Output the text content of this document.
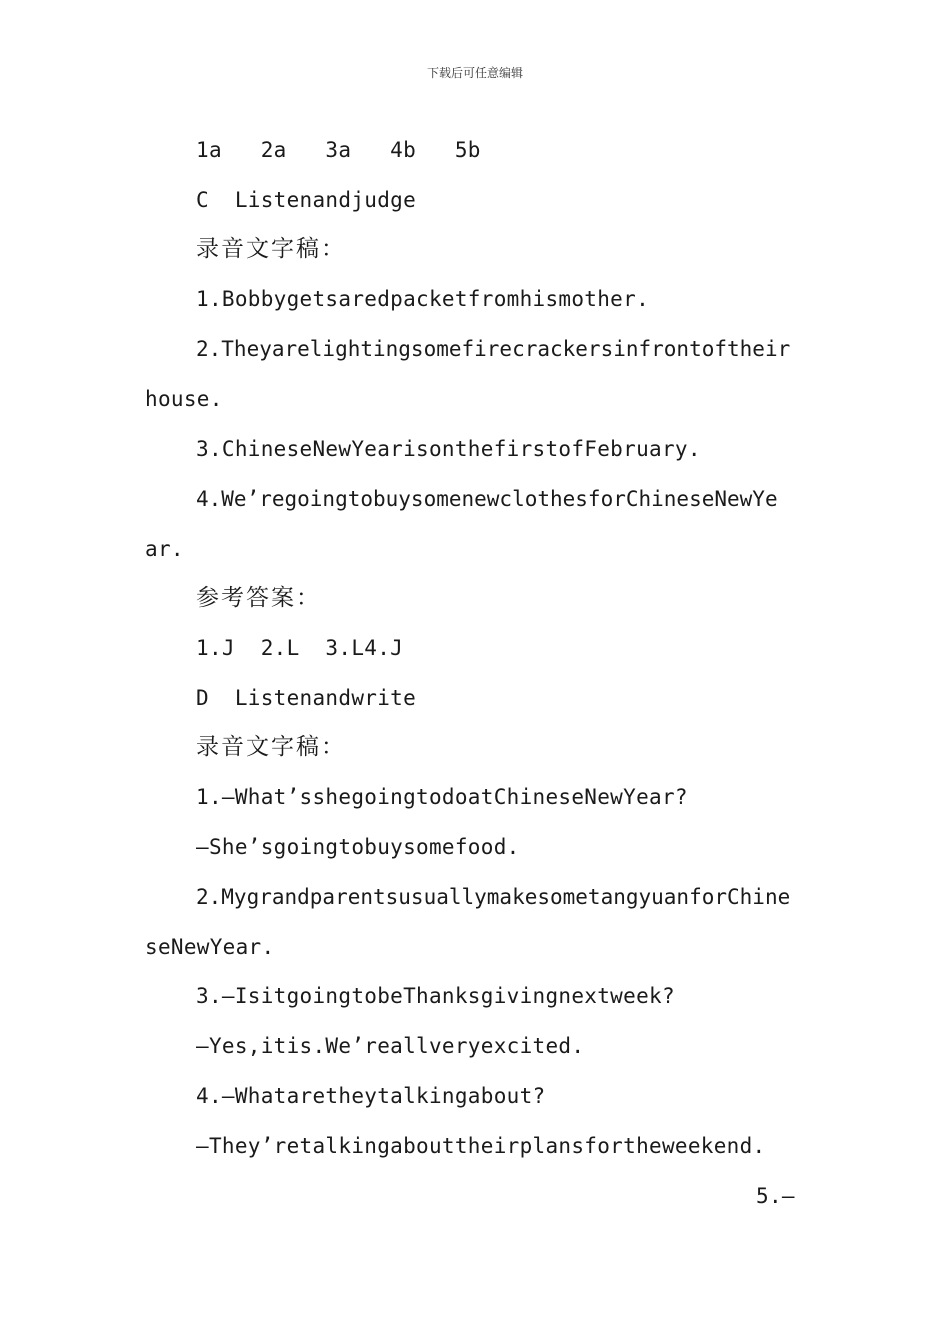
下载后可任意编辑
1a   2a   3a   4b   5b
C  Listenandjudge
录音文字稿：
1.Bobbygetsaredpacketfromhismother.
2.Theyarelightingsomefirecrackersinfrontoftheir
house.
3.ChineseNewYearisonthefirstofFebruary.
4.We’regoingtobuysomenewclothesforChineseNewYe
ar.
参考答案：
1.J  2.L  3.L4.J
D  Listenandwrite
录音文字稿：
1.—What’sshegoingtodoatChineseNewYear?
—She’sgoingtobuysomefood.
2.MygrandparentsusuallymakesometangyuanforChine
seNewYear.
3.—IsitgoingtobeThanksgivingnextweek?
—Yes,itis.We’reallveryexcited.
4.—Whataretheytalkingabout?
—They’retalkingabouttheirplansfortheweekend.
5.—
